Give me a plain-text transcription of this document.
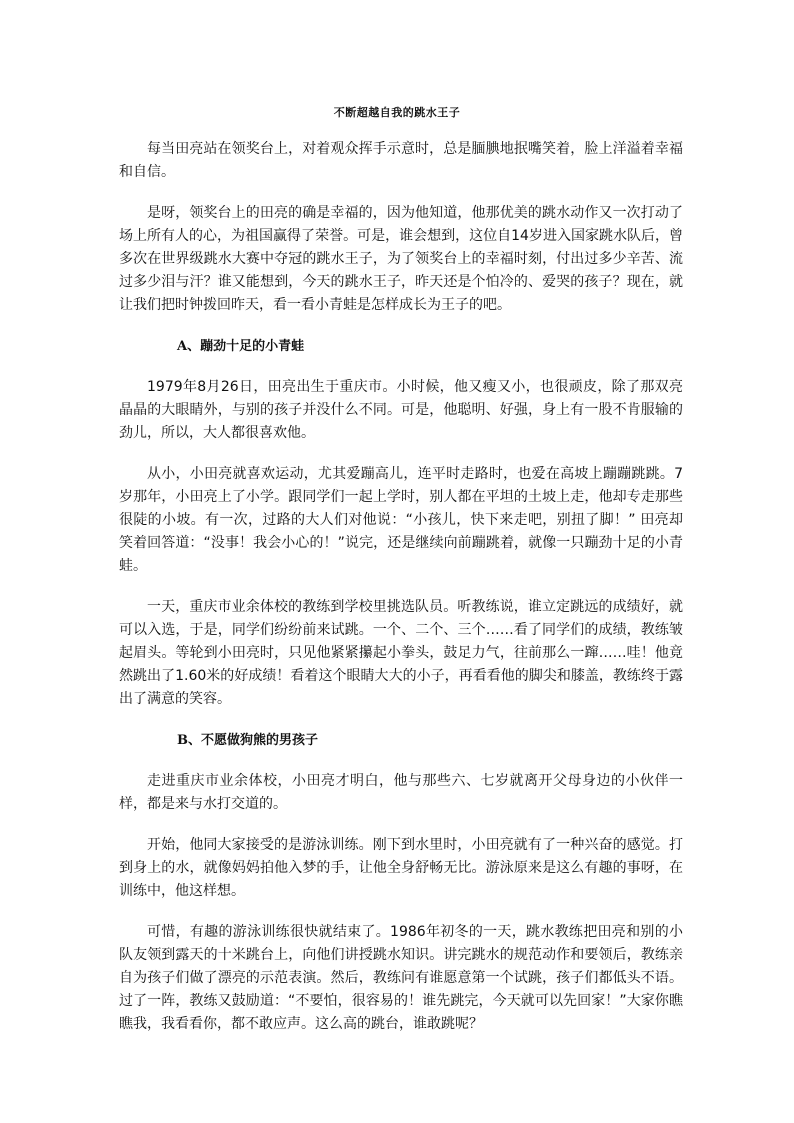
不断超越自我的跳水王子

每当田亮站在领奖台上，对着观众挥手示意时，总是腼腆地抿嘴笑着，脸上洋溢着幸福和自信。

是呀，领奖台上的田亮的确是幸福的，因为他知道，他那优美的跳水动作又一次打动了场上所有人的心，为祖国赢得了荣誉。可是，谁会想到，这位自14岁进入国家跳水队后，曾多次在世界级跳水大赛中夺冠的跳水王子，为了领奖台上的幸福时刻，付出过多少辛苦、流过多少泪与汗？谁又能想到，今天的跳水王子，昨天还是个怕冷的、爱哭的孩子？现在，就让我们把时钟拨回昨天，看一看小青蛙是怎样成长为王子的吧。

A、蹦劲十足的小青蛙

1979年8月26日，田亮出生于重庆市。小时候，他又瘦又小，也很顽皮，除了那双亮晶晶的大眼睛外，与别的孩子并没什么不同。可是，他聪明、好强，身上有一股不肯服输的劲儿，所以，大人都很喜欢他。

从小，小田亮就喜欢运动，尤其爱蹦高儿，连平时走路时，也爱在高坡上蹦蹦跳跳。7岁那年，小田亮上了小学。跟同学们一起上学时，别人都在平坦的土坡上走，他却专走那些很陡的小坡。有一次，过路的大人们对他说：“小孩儿，快下来走吧，别扭了脚！” 田亮却笑着回答道：“没事！我会小心的！”说完，还是继续向前蹦跳着，就像一只蹦劲十足的小青蛙。

一天，重庆市业余体校的教练到学校里挑选队员。听教练说，谁立定跳远的成绩好，就可以入选，于是，同学们纷纷前来试跳。一个、二个、三个……看了同学们的成绩，教练皱起眉头。等轮到小田亮时，只见他紧紧攥起小拳头，鼓足力气，往前那么一蹿……哇！他竟然跳出了1.60米的好成绩！看着这个眼睛大大的小子，再看看他的脚尖和膝盖，教练终于露出了满意的笑容。

B、不愿做狗熊的男孩子

走进重庆市业余体校，小田亮才明白，他与那些六、七岁就离开父母身边的小伙伴一样，都是来与水打交道的。

开始，他同大家接受的是游泳训练。刚下到水里时，小田亮就有了一种兴奋的感觉。打到身上的水，就像妈妈拍他入梦的手，让他全身舒畅无比。游泳原来是这么有趣的事呀，在训练中，他这样想。

可惜，有趣的游泳训练很快就结束了。1986年初冬的一天，跳水教练把田亮和别的小队友领到露天的十米跳台上，向他们讲授跳水知识。讲完跳水的规范动作和要领后，教练亲自为孩子们做了漂亮的示范表演。然后，教练问有谁愿意第一个试跳，孩子们都低头不语。过了一阵，教练又鼓励道：“不要怕，很容易的！谁先跳完，今天就可以先回家！”大家你瞧瞧我，我看看你，都不敢应声。这么高的跳台，谁敢跳呢？
